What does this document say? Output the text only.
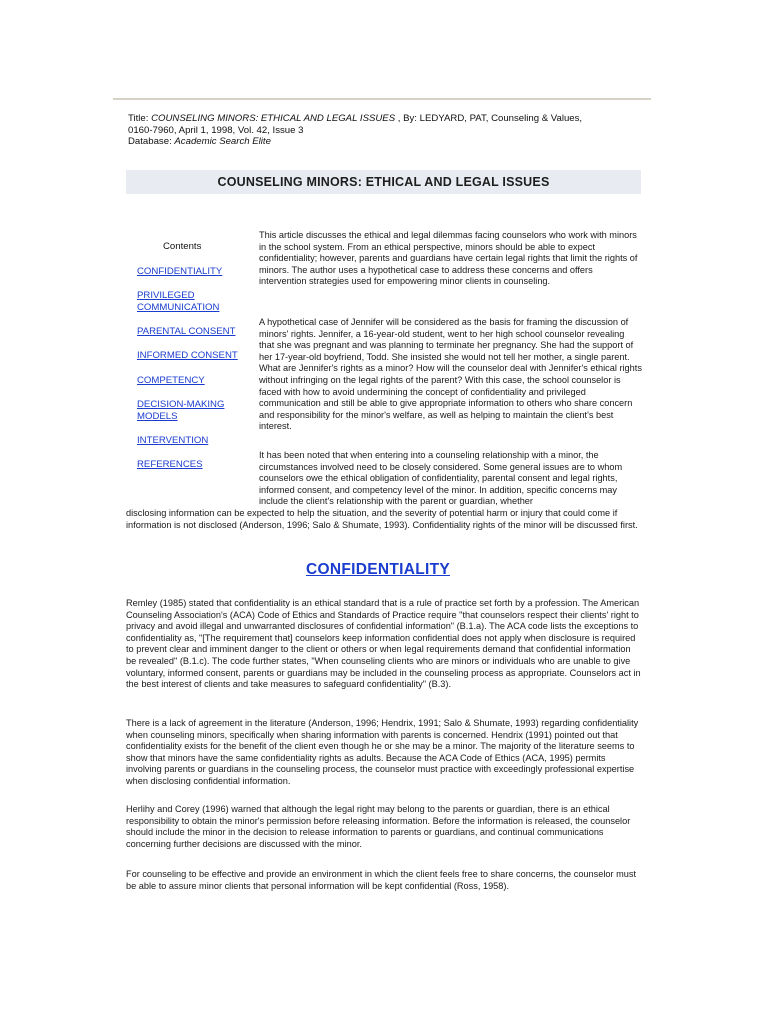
Title: COUNSELING MINORS: ETHICAL AND LEGAL ISSUES , By: LEDYARD, PAT, Counseling & Values,
0160-7960, April 1, 1998, Vol. 42, Issue 3
Database: Academic Search Elite
COUNSELING MINORS: ETHICAL AND LEGAL ISSUES
Contents
CONFIDENTIALITY
PRIVILEGED COMMUNICATION
PARENTAL CONSENT
INFORMED CONSENT
COMPETENCY
DECISION-MAKING MODELS
INTERVENTION
REFERENCES
This article discusses the ethical and legal dilemmas facing counselors who work with minors in the school system. From an ethical perspective, minors should be able to expect confidentiality; however, parents and guardians have certain legal rights that limit the rights of minors. The author uses a hypothetical case to address these concerns and offers intervention strategies used for empowering minor clients in counseling.
A hypothetical case of Jennifer will be considered as the basis for framing the discussion of minors' rights. Jennifer, a 16-year-old student, went to her high school counselor revealing that she was pregnant and was planning to terminate her pregnancy. She had the support of her 17-year-old boyfriend, Todd. She insisted she would not tell her mother, a single parent. What are Jennifer's rights as a minor? How will the counselor deal with Jennifer's ethical rights without infringing on the legal rights of the parent? With this case, the school counselor is faced with how to avoid undermining the concept of confidentiality and privileged communication and still be able to give appropriate information to others who share concern and responsibility for the minor's welfare, as well as helping to maintain the client's best interest.
It has been noted that when entering into a counseling relationship with a minor, the circumstances involved need to be closely considered. Some general issues are to whom counselors owe the ethical obligation of confidentiality, parental consent and legal rights, informed consent, and competency level of the minor. In addition, specific concerns may include the client's relationship with the parent or guardian, whether
disclosing information can be expected to help the situation, and the severity of potential harm or injury that could come if information is not disclosed (Anderson, 1996; Salo & Shumate, 1993). Confidentiality rights of the minor will be discussed first.
CONFIDENTIALITY
Remley (1985) stated that confidentiality is an ethical standard that is a rule of practice set forth by a profession. The American Counseling Association's (ACA) Code of Ethics and Standards of Practice require "that counselors respect their clients' right to privacy and avoid illegal and unwarranted disclosures of confidential information" (B.1.a). The ACA code lists the exceptions to confidentiality as, "[The requirement that] counselors keep information confidential does not apply when disclosure is required to prevent clear and imminent danger to the client or others or when legal requirements demand that confidential information be revealed" (B.1.c). The code further states, "When counseling clients who are minors or individuals who are unable to give voluntary, informed consent, parents or guardians may be included in the counseling process as appropriate. Counselors act in the best interest of clients and take measures to safeguard confidentiality" (B.3).
There is a lack of agreement in the literature (Anderson, 1996; Hendrix, 1991; Salo & Shumate, 1993) regarding confidentiality when counseling minors, specifically when sharing information with parents is concerned. Hendrix (1991) pointed out that confidentiality exists for the benefit of the client even though he or she may be a minor. The majority of the literature seems to show that minors have the same confidentiality rights as adults. Because the ACA Code of Ethics (ACA, 1995) permits involving parents or guardians in the counseling process, the counselor must practice with exceedingly professional expertise when disclosing confidential information.
Herlihy and Corey (1996) warned that although the legal right may belong to the parents or guardian, there is an ethical responsibility to obtain the minor's permission before releasing information. Before the information is released, the counselor should include the minor in the decision to release information to parents or guardians, and continual communications concerning further decisions are discussed with the minor.
For counseling to be effective and provide an environment in which the client feels free to share concerns, the counselor must be able to assure minor clients that personal information will be kept confidential (Ross, 1958).
